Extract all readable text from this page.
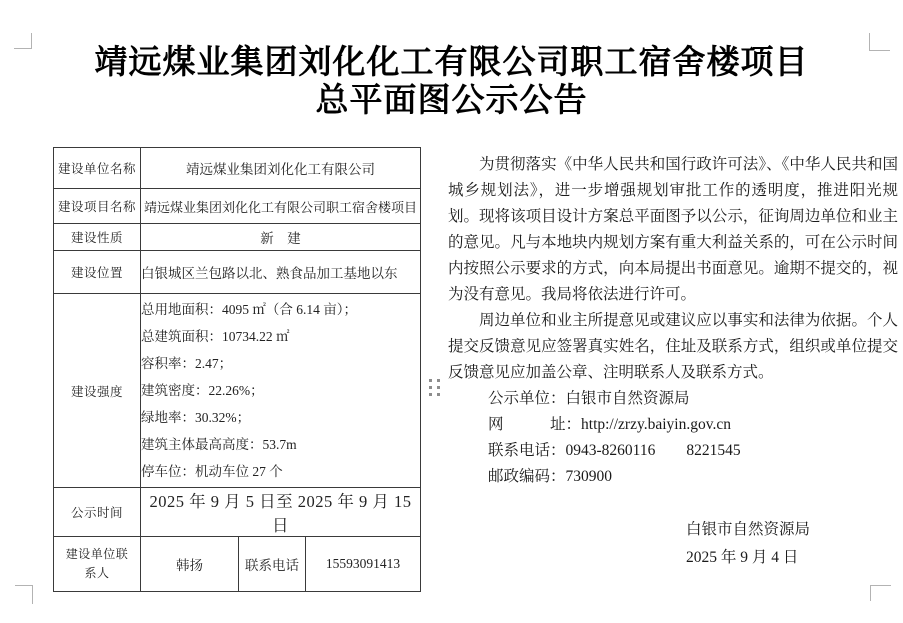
靖远煤业集团刘化化工有限公司职工宿舍楼项目
总平面图公示公告
建设单位名称	靖远煤业集团刘化化工有限公司		
建设项目名称	靖远煤业集团刘化化工有限公司职工宿舍楼项目		
建设性质	新　建		
建设位置	白银城区兰包路以北、熟食品加工基地以东		
建设强度	
总用地面积：4095 ㎡（合 6.14 亩）；
总建筑面积：10734.22 ㎡
容积率：2.47；
建筑密度：22.26%；
绿地率：30.32%；
建筑主体最高高度：53.7m
停车位：机动车位 27 个

公示时间	2025 年 9 月 5 日至 2025 年 9 月 15 日		
建设单位联系人	韩扬	联系电话	15593091413

为贯彻落实《中华人民共和国行政许可法》、《中华人民共和国城乡规划法》，进一步增强规划审批工作的透明度，推进阳光规划。现将该项目设计方案总平面图予以公示，征询周边单位和业主的意见。凡与本地块内规划方案有重大利益关系的，可在公示时间内按照公示要求的方式，向本局提出书面意见。逾期不提交的，视为没有意见。我局将依法进行许可。

周边单位和业主所提意见或建议应以事实和法律为依据。个人提交反馈意见应签署真实姓名，住址及联系方式，组织或单位提交反馈意见应加盖公章、注明联系人及联系方式。

公示单位：白银市自然资源局
网　　　址：http://zrzy.baiyin.gov.cn
联系电话：0943-8260116　　8221545
邮政编码：730900
白银市自然资源局
2025 年 9 月 4 日
